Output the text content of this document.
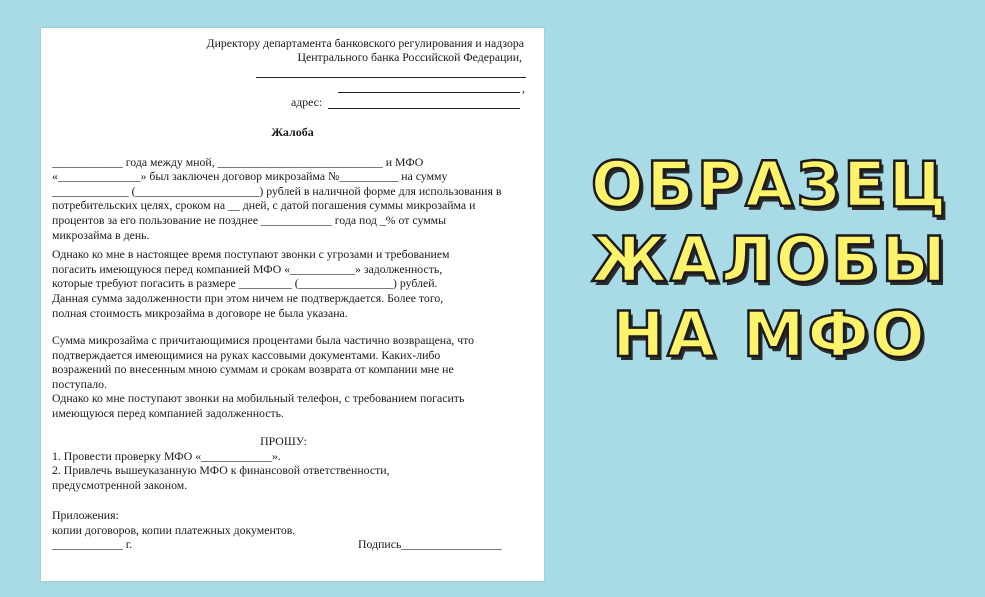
Директору департамента банковского регулирования и надзора
Центрального банка Российской Федерации,
,
адрес:
Жалоба
____________ года между мной, ____________________________ и МФО
«______________» был заключен договор микрозайма №__________ на сумму
_____________ (_____________________) рублей в наличной форме для использования в
потребительских целях, сроком на __ дней, с датой погашения суммы микрозайма и
процентов за его пользование не позднее ____________ года под _% от суммы
микрозайма в день.
Однако ко мне в настоящее время поступают звонки с угрозами и требованием
погасить имеющуюся перед компанией МФО «___________» задолженность,
которые требуют погасить в размере _________ (________________) рублей.
Данная сумма задолженности при этом ничем не подтверждается. Более того,
полная стоимость микрозайма в договоре не была указана.
Сумма микрозайма с причитающимися процентами была частично возвращена, что
подтверждается имеющимися на руках кассовыми документами. Каких-либо
возражений по внесенным мною суммам и срокам возврата от компании мне не
поступало.
Однако ко мне поступают звонки на мобильный телефон, с требованием погасить
имеющуюся перед компанией задолженность.
ПРОШУ:
1. Провести проверку МФО «____________».
2. Привлечь вышеуказанную МФО к финансовой ответственности,
предусмотренной законом.
Приложения:
копии договоров, копии платежных документов.
____________ г.	Подпись_________________
ОБРАЗЕЦ
ЖАЛОБЫ
НА МФО
